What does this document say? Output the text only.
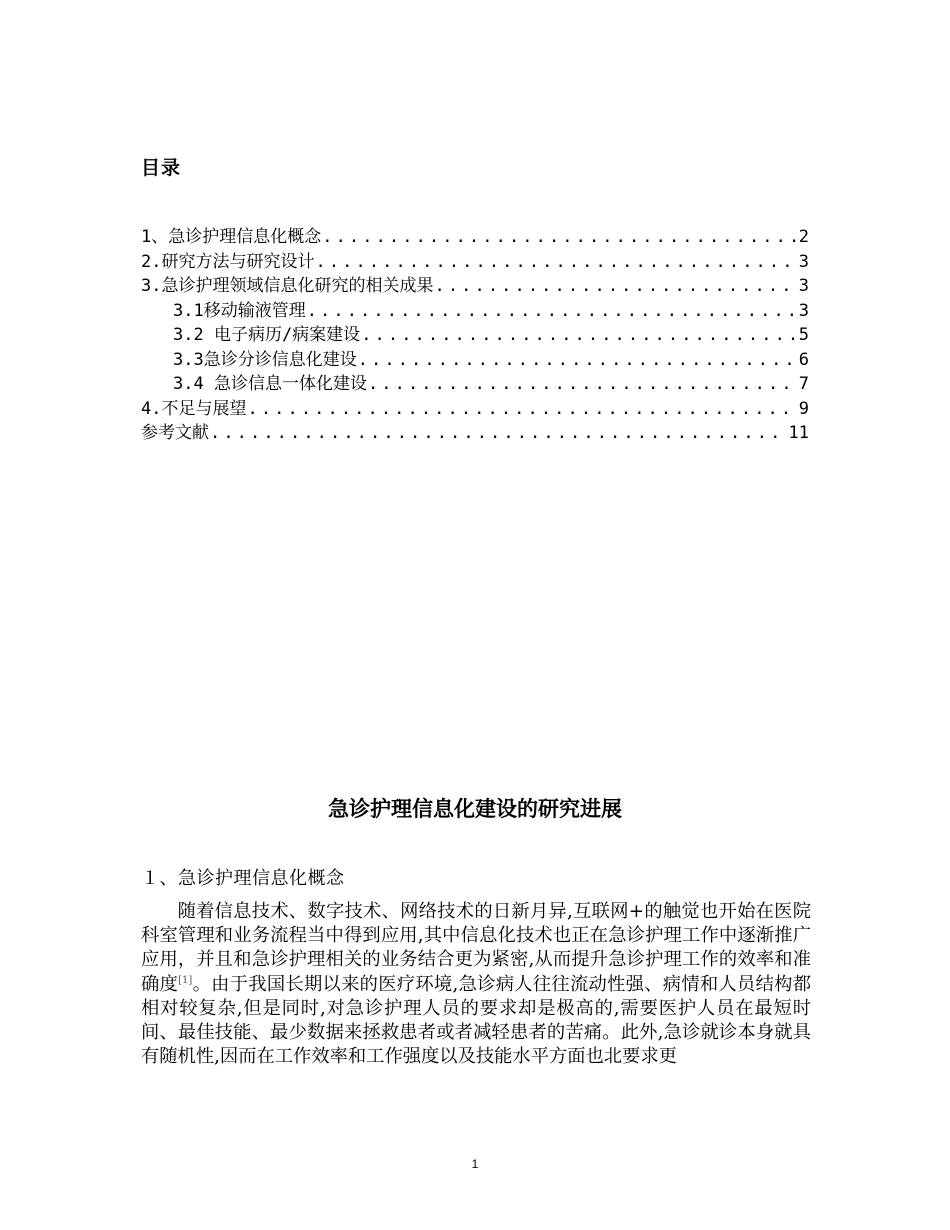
目录
1、急诊护理信息化概念 .....	2
2.研究方法与研究设计 .....	3
3.急诊护理领域信息化研究的相关成果 .....	3
3.1移动输液管理 .....	3
3.2 电子病历/病案建设 .....	5
3.3急诊分诊信息化建设 .....	6
3.4 急诊信息一体化建设 .....	7
4.不足与展望 .....	9
参考文献 .....	11
急诊护理信息化建设的研究进展
１、急诊护理信息化概念

随着信息技术、数字技术、网络技术的日新月异,互联网+的触觉也开始在医院科室管理和业务流程当中得到应用,其中信息化技术也正在急诊护理工作中逐渐推广应用，并且和急诊护理相关的业务结合更为紧密,从而提升急诊护理工作的效率和准确度[1]。由于我国长期以来的医疗环境,急诊病人往往流动性强、病情和人员结构都相对较复杂,但是同时,对急诊护理人员的要求却是极高的,需要医护人员在最短时间、最佳技能、最少数据来拯救患者或者减轻患者的苦痛。此外,急诊就诊本身就具有随机性,因而在工作效率和工作强度以及技能水平方面也北要求更

1
